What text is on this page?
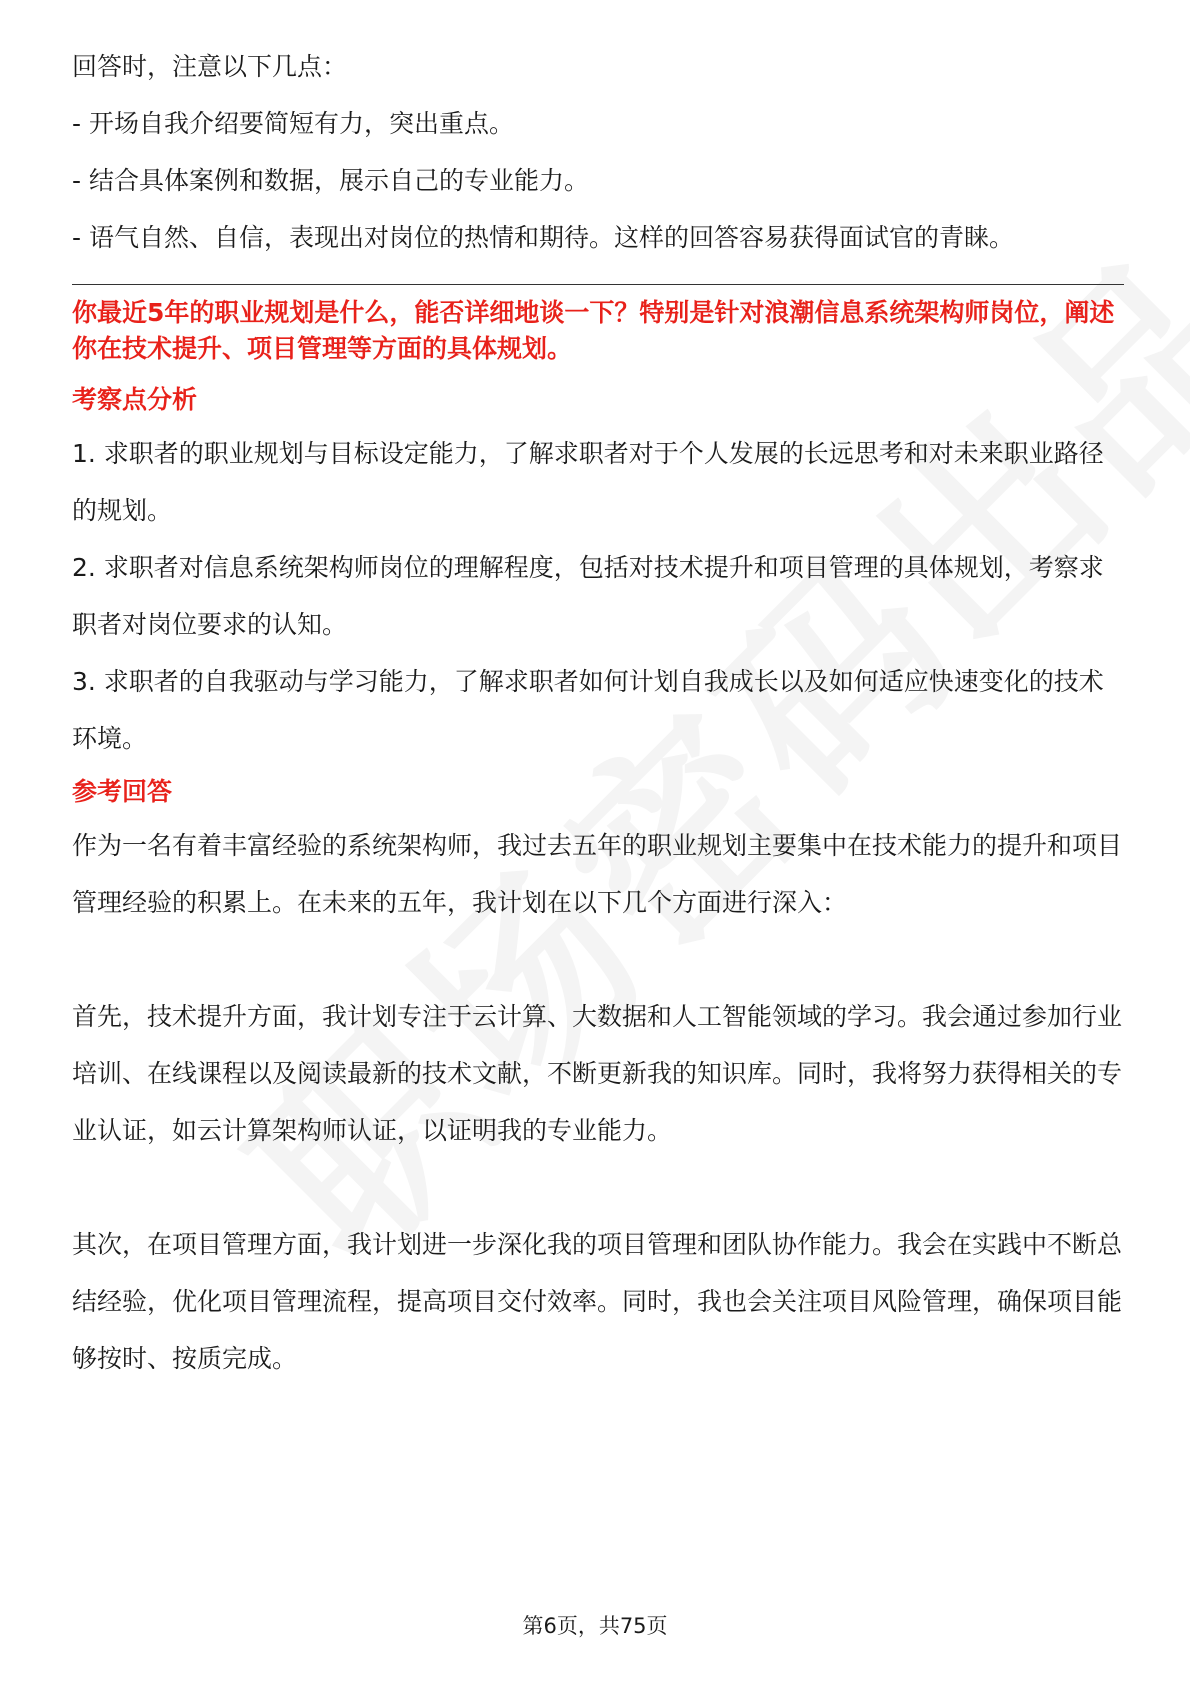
回答时，注意以下几点：

- 开场自我介绍要简短有力，突出重点。

- 结合具体案例和数据，展示自己的专业能力。

- 语气自然、自信，表现出对岗位的热情和期待。这样的回答容易获得面试官的青睐。

你最近5年的职业规划是什么，能否详细地谈一下？特别是针对浪潮信息系统架构师岗位，阐述你在技术提升、项目管理等方面的具体规划。

考察点分析

1. 求职者的职业规划与目标设定能力，了解求职者对于个人发展的长远思考和对未来职业路径的规划。

2. 求职者对信息系统架构师岗位的理解程度，包括对技术提升和项目管理的具体规划，考察求职者对岗位要求的认知。

3. 求职者的自我驱动与学习能力，了解求职者如何计划自我成长以及如何适应快速变化的技术环境。

参考回答

作为一名有着丰富经验的系统架构师，我过去五年的职业规划主要集中在技术能力的提升和项目管理经验的积累上。在未来的五年，我计划在以下几个方面进行深入：

首先，技术提升方面，我计划专注于云计算、大数据和人工智能领域的学习。我会通过参加行业培训、在线课程以及阅读最新的技术文献，不断更新我的知识库。同时，我将努力获得相关的专业认证，如云计算架构师认证，以证明我的专业能力。

其次，在项目管理方面，我计划进一步深化我的项目管理和团队协作能力。我会在实践中不断总结经验，优化项目管理流程，提高项目交付效率。同时，我也会关注项目风险管理，确保项目能够按时、按质完成。

第6页，共75页
